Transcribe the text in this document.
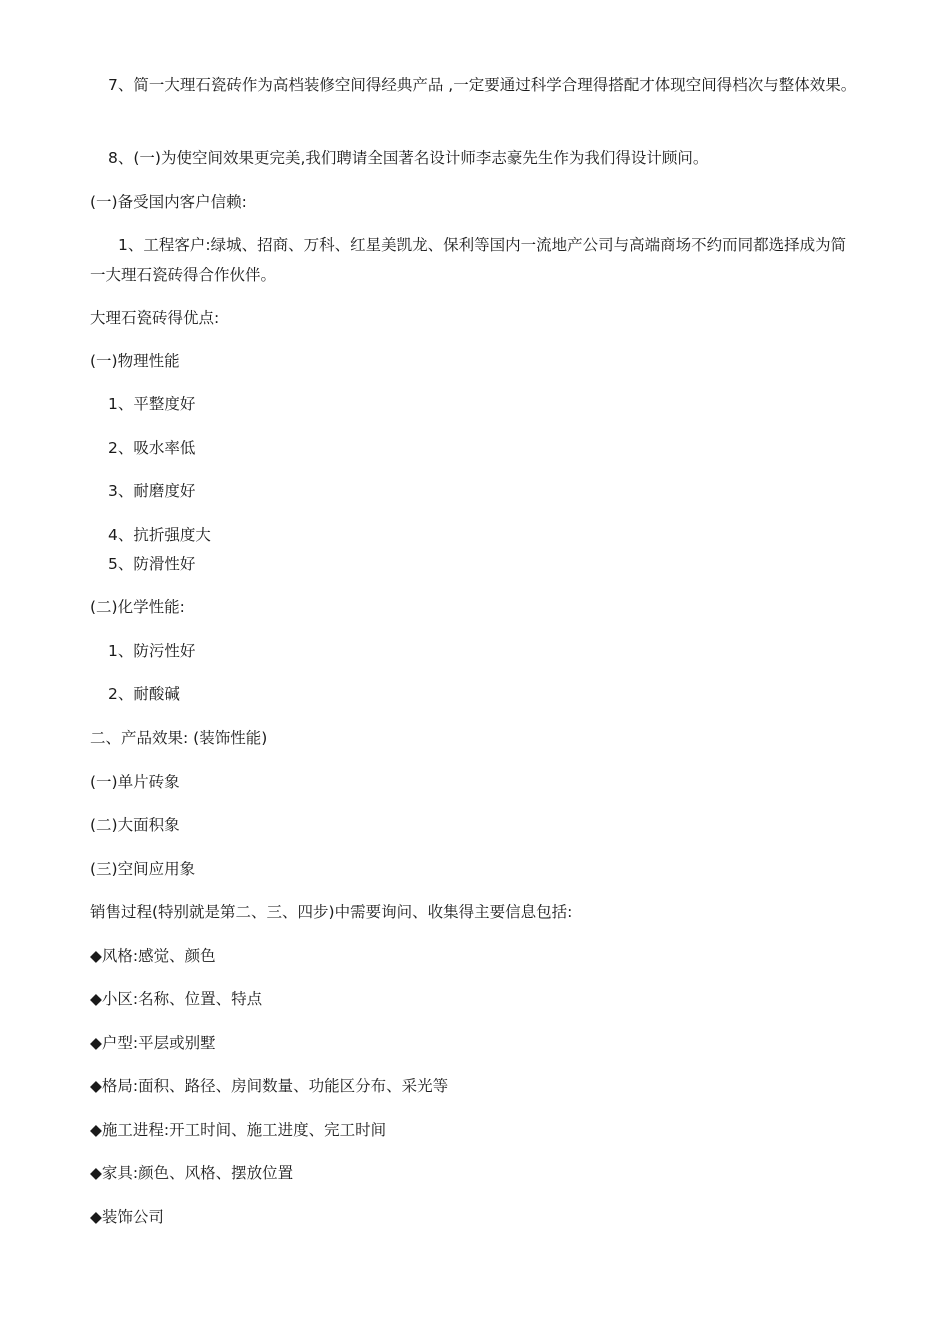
7、简一大理石瓷砖作为高档装修空间得经典产品 ,一定要通过科学合理得搭配才体现空间得档次与整体效果。
8、(一)为使空间效果更完美,我们聘请全国著名设计师李志豪先生作为我们得设计顾问。
(一)备受国内客户信赖:
1、工程客户:绿城、招商、万科、红星美凯龙、保利等国内一流地产公司与高端商场不约而同都选择成为简一大理石瓷砖得合作伙伴。
大理石瓷砖得优点:
(一)物理性能
1、平整度好
2、吸水率低
3、耐磨度好
4、抗折强度大
5、防滑性好
(二)化学性能:
1、防污性好
2、耐酸碱
二、产品效果: (装饰性能)
(一)单片砖象
(二)大面积象
(三)空间应用象
销售过程(特别就是第二、三、四步)中需要询问、收集得主要信息包括:
◆风格:感觉、颜色
◆小区:名称、位置、特点
◆户型:平层或别墅
◆格局:面积、路径、房间数量、功能区分布、采光等
◆施工进程:开工时间、施工进度、完工时间
◆家具:颜色、风格、摆放位置
◆装饰公司
